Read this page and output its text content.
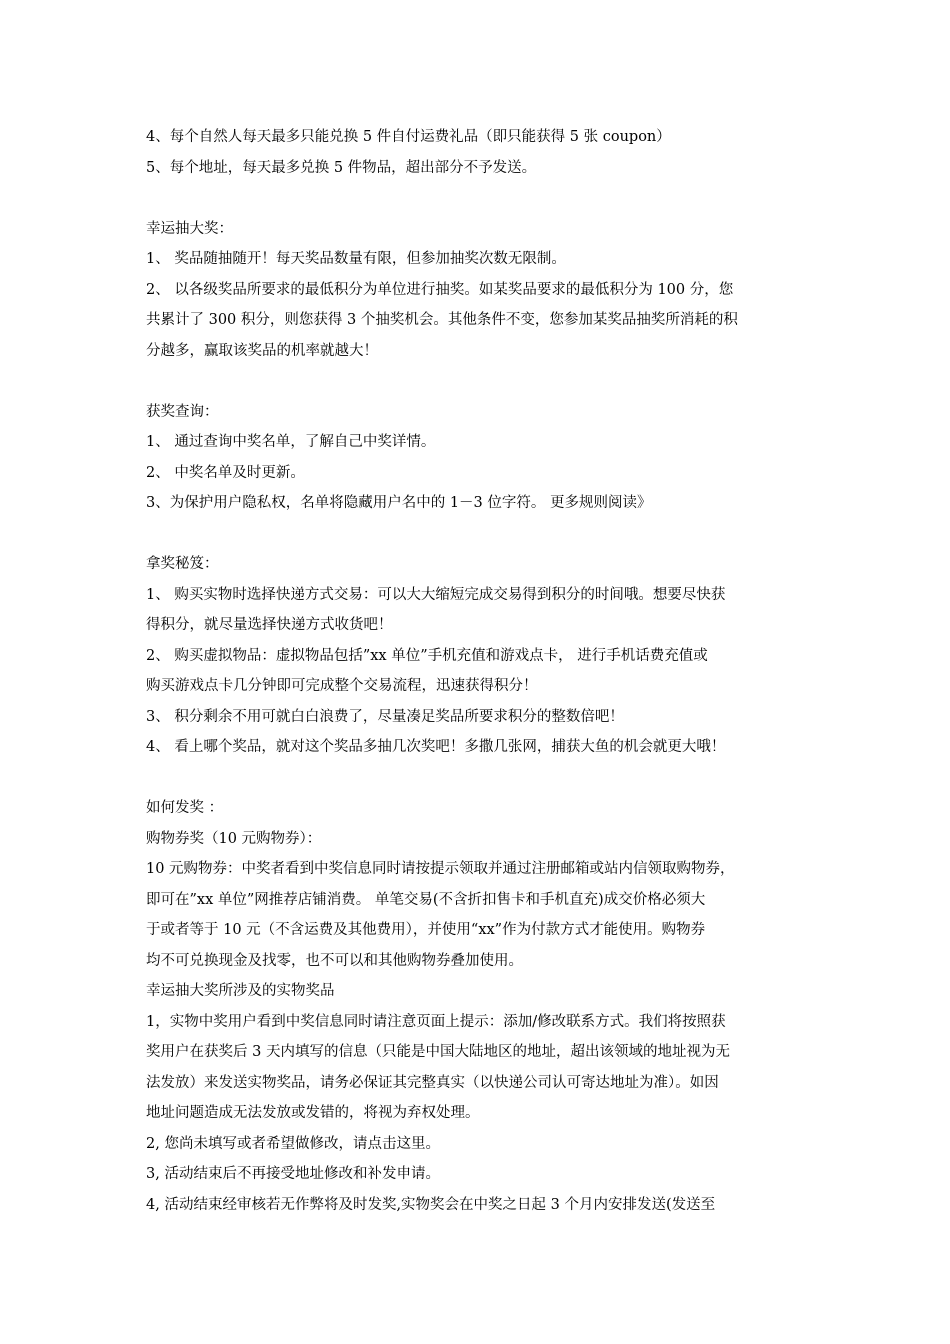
4、每个自然人每天最多只能兑换 5 件自付运费礼品（即只能获得 5 张 coupon）
5、每个地址，每天最多兑换 5 件物品，超出部分不予发送。
幸运抽大奖：
1、 奖品随抽随开！每天奖品数量有限，但参加抽奖次数无限制。
2、 以各级奖品所要求的最低积分为单位进行抽奖。如某奖品要求的最低积分为 100 分，您
共累计了 300 积分，则您获得 3 个抽奖机会。其他条件不变，您参加某奖品抽奖所消耗的积
分越多，赢取该奖品的机率就越大！
获奖查询：
1、 通过查询中奖名单，了解自己中奖详情。
2、 中奖名单及时更新。
3、为保护用户隐私权，名单将隐藏用户名中的 1－3 位字符。 更多规则阅读》
拿奖秘笈：
1、 购买实物时选择快递方式交易：可以大大缩短完成交易得到积分的时间哦。想要尽快获
得积分，就尽量选择快递方式收货吧！
2、 购买虚拟物品：虚拟物品包括”xx 单位”手机充值和游戏点卡， 进行手机话费充值或
购买游戏点卡几分钟即可完成整个交易流程，迅速获得积分！
3、 积分剩余不用可就白白浪费了，尽量凑足奖品所要求积分的整数倍吧！
4、 看上哪个奖品，就对这个奖品多抽几次奖吧！多撒几张网，捕获大鱼的机会就更大哦！
如何发奖 ：
购物券奖（10 元购物券）：
10 元购物券：中奖者看到中奖信息同时请按提示领取并通过注册邮箱或站内信领取购物券，
即可在”xx 单位”网推荐店铺消费。 单笔交易(不含折扣售卡和手机直充)成交价格必须大
于或者等于 10 元（不含运费及其他费用），并使用“xx”作为付款方式才能使用。购物券
均不可兑换现金及找零，也不可以和其他购物券叠加使用。
幸运抽大奖所涉及的实物奖品
1，实物中奖用户看到中奖信息同时请注意页面上提示：添加/修改联系方式。我们将按照获
奖用户在获奖后 3 天内填写的信息（只能是中国大陆地区的地址，超出该领域的地址视为无
法发放）来发送实物奖品，请务必保证其完整真实（以快递公司认可寄达地址为准）。如因
地址问题造成无法发放或发错的，将视为弃权处理。
2, 您尚未填写或者希望做修改，请点击这里。
3, 活动结束后不再接受地址修改和补发申请。
4, 活动结束经审核若无作弊将及时发奖,实物奖会在中奖之日起 3 个月内安排发送(发送至
